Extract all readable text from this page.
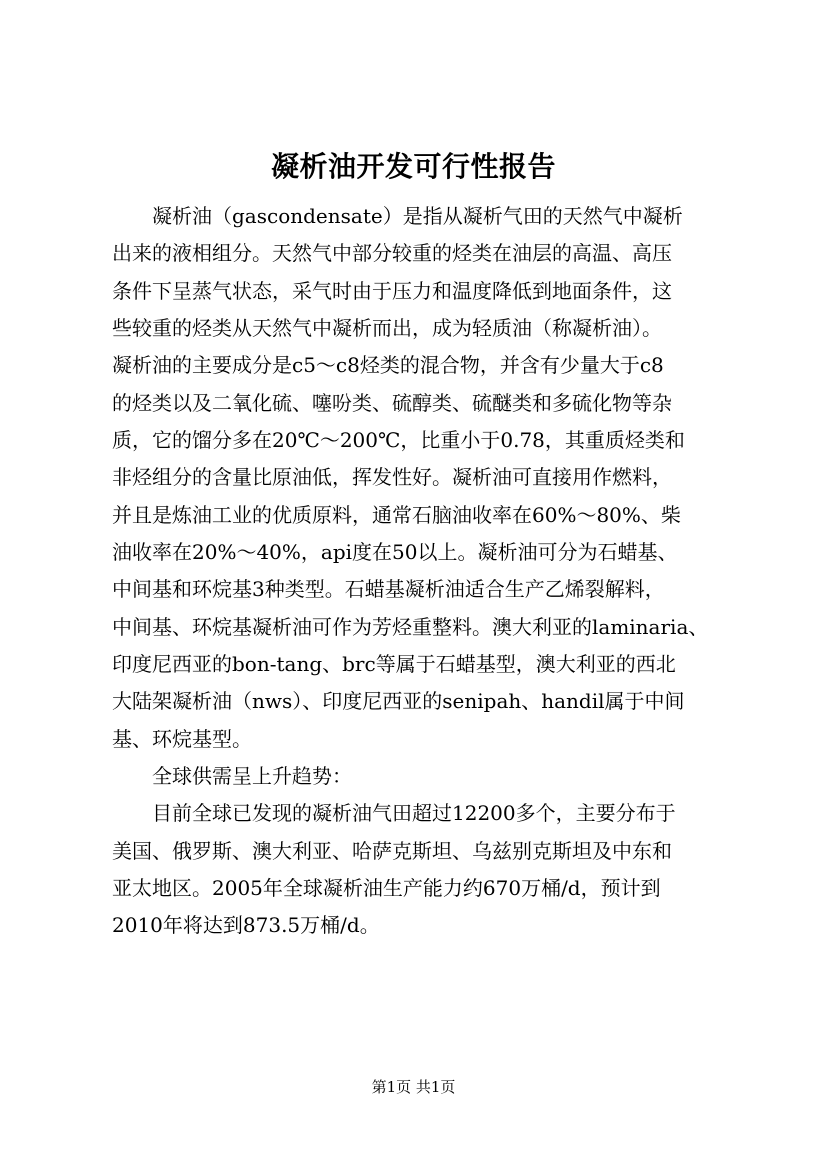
凝析油开发可行性报告
　　凝析油（gascondensate）是指从凝析气田的天然气中凝析
出来的液相组分。天然气中部分较重的烃类在油层的高温、高压
条件下呈蒸气状态，采气时由于压力和温度降低到地面条件，这
些较重的烃类从天然气中凝析而出，成为轻质油（称凝析油）。
凝析油的主要成分是c5～c8烃类的混合物，并含有少量大于c8
的烃类以及二氧化硫、噻吩类、硫醇类、硫醚类和多硫化物等杂
质，它的馏分多在20℃～200℃，比重小于0.78，其重质烃类和
非烃组分的含量比原油低，挥发性好。凝析油可直接用作燃料，
并且是炼油工业的优质原料，通常石脑油收率在60%～80%、柴
油收率在20%～40%，api度在50以上。凝析油可分为石蜡基、
中间基和环烷基3种类型。石蜡基凝析油适合生产乙烯裂解料，
中间基、环烷基凝析油可作为芳烃重整料。澳大利亚的laminaria、
印度尼西亚的bon-tang、brc等属于石蜡基型，澳大利亚的西北
大陆架凝析油（nws）、印度尼西亚的senipah、handil属于中间
基、环烷基型。
　　全球供需呈上升趋势：
　　目前全球已发现的凝析油气田超过12200多个，主要分布于
美国、俄罗斯、澳大利亚、哈萨克斯坦、乌兹别克斯坦及中东和
亚太地区。2005年全球凝析油生产能力约670万桶/d，预计到
2010年将达到873.5万桶/d。
第1页 共1页
